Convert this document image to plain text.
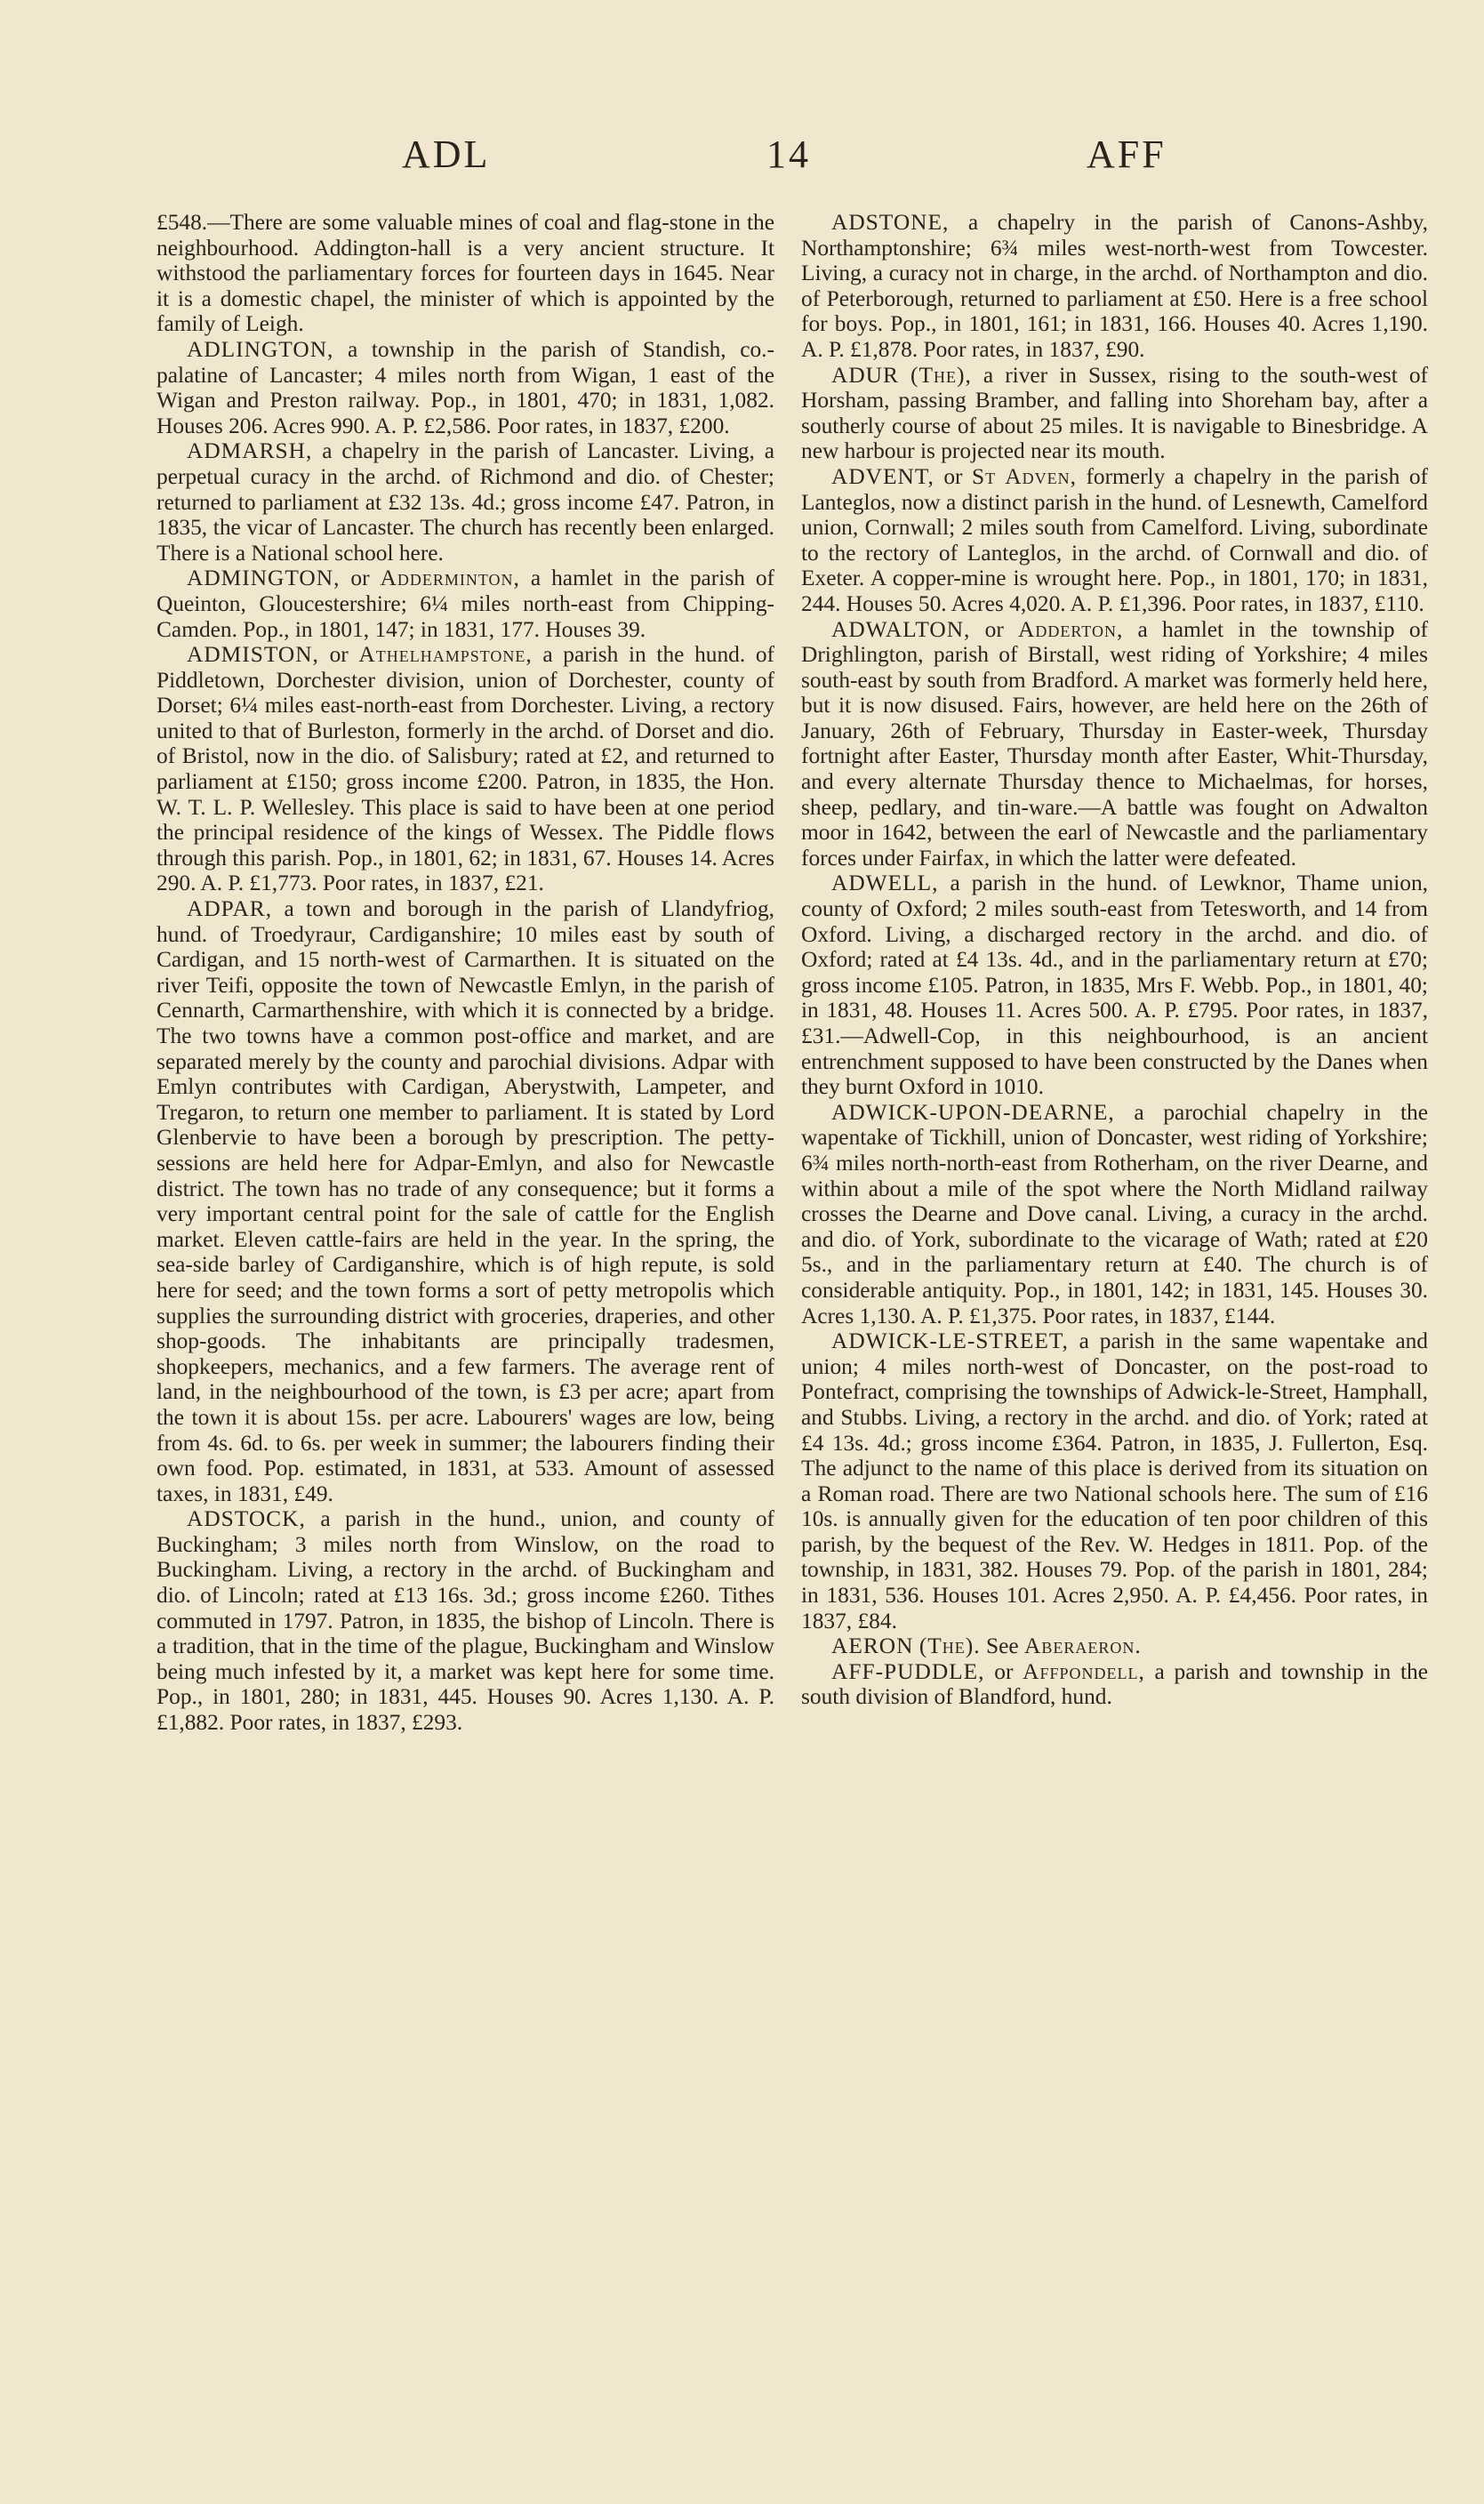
ADL	14	AFF

£548.—There are some valuable mines of coal and flag-stone in the neighbourhood. Addington-hall is a very ancient structure. It withstood the parliamentary forces for fourteen days in 1645. Near it is a domestic chapel, the minister of which is appointed by the family of Leigh.

ADLINGTON, a township in the parish of Standish, co.-palatine of Lancaster; 4 miles north from Wigan, 1 east of the Wigan and Preston railway. Pop., in 1801, 470; in 1831, 1,082. Houses 206. Acres 990. A. P. £2,586. Poor rates, in 1837, £200.

ADMARSH, a chapelry in the parish of Lancaster. Living, a perpetual curacy in the archd. of Richmond and dio. of Chester; returned to parliament at £32 13s. 4d.; gross income £47. Patron, in 1835, the vicar of Lancaster. The church has recently been enlarged. There is a National school here.

ADMINGTON, or Adderminton, a hamlet in the parish of Queinton, Gloucestershire; 6¼ miles north-east from Chipping-Camden. Pop., in 1801, 147; in 1831, 177. Houses 39.

ADMISTON, or Athelhampstone, a parish in the hund. of Piddletown, Dorchester division, union of Dorchester, county of Dorset; 6¼ miles east-north-east from Dorchester. Living, a rectory united to that of Burleston, formerly in the archd. of Dorset and dio. of Bristol, now in the dio. of Salisbury; rated at £2, and returned to parliament at £150; gross income £200. Patron, in 1835, the Hon. W. T. L. P. Wellesley. This place is said to have been at one period the principal residence of the kings of Wessex. The Piddle flows through this parish. Pop., in 1801, 62; in 1831, 67. Houses 14. Acres 290. A. P. £1,773. Poor rates, in 1837, £21.

ADPAR, a town and borough in the parish of Llandyfriog, hund. of Troedyraur, Cardiganshire; 10 miles east by south of Cardigan, and 15 north-west of Carmarthen. It is situated on the river Teifi, opposite the town of Newcastle Emlyn, in the parish of Cennarth, Carmarthenshire, with which it is connected by a bridge. The two towns have a common post-office and market, and are separated merely by the county and parochial divisions. Adpar with Emlyn contributes with Cardigan, Aberystwith, Lampeter, and Tregaron, to return one member to parliament. It is stated by Lord Glenbervie to have been a borough by prescription. The petty-sessions are held here for Adpar-Emlyn, and also for Newcastle district. The town has no trade of any consequence; but it forms a very important central point for the sale of cattle for the English market. Eleven cattle-fairs are held in the year. In the spring, the sea-side barley of Cardiganshire, which is of high repute, is sold here for seed; and the town forms a sort of petty metropolis which supplies the surrounding district with groceries, draperies, and other shop-goods. The inhabitants are principally tradesmen, shopkeepers, mechanics, and a few farmers. The average rent of land, in the neighbourhood of the town, is £3 per acre; apart from the town it is about 15s. per acre. Labourers' wages are low, being from 4s. 6d. to 6s. per week in summer; the labourers finding their own food. Pop. estimated, in 1831, at 533. Amount of assessed taxes, in 1831, £49.

ADSTOCK, a parish in the hund., union, and county of Buckingham; 3 miles north from Winslow, on the road to Buckingham. Living, a rectory in the archd. of Buckingham and dio. of Lincoln; rated at £13 16s. 3d.; gross income £260. Tithes commuted in 1797. Patron, in 1835, the bishop of Lincoln. There is a tradition, that in the time of the plague, Buckingham and Winslow being much infested by it, a market was kept here for some time. Pop., in 1801, 280; in 1831, 445. Houses 90. Acres 1,130. A. P. £1,882. Poor rates, in 1837, £293.

ADSTONE, a chapelry in the parish of Canons-Ashby, Northamptonshire; 6¾ miles west-north-west from Towcester. Living, a curacy not in charge, in the archd. of Northampton and dio. of Peterborough, returned to parliament at £50. Here is a free school for boys. Pop., in 1801, 161; in 1831, 166. Houses 40. Acres 1,190. A. P. £1,878. Poor rates, in 1837, £90.

ADUR (The), a river in Sussex, rising to the south-west of Horsham, passing Bramber, and falling into Shoreham bay, after a southerly course of about 25 miles. It is navigable to Binesbridge. A new harbour is projected near its mouth.

ADVENT, or St Adven, formerly a chapelry in the parish of Lanteglos, now a distinct parish in the hund. of Lesnewth, Camelford union, Cornwall; 2 miles south from Camelford. Living, subordinate to the rectory of Lanteglos, in the archd. of Cornwall and dio. of Exeter. A copper-mine is wrought here. Pop., in 1801, 170; in 1831, 244. Houses 50. Acres 4,020. A. P. £1,396. Poor rates, in 1837, £110.

ADWALTON, or Adderton, a hamlet in the township of Drighlington, parish of Birstall, west riding of Yorkshire; 4 miles south-east by south from Bradford. A market was formerly held here, but it is now disused. Fairs, however, are held here on the 26th of January, 26th of February, Thursday in Easter-week, Thursday fortnight after Easter, Thursday month after Easter, Whit-Thursday, and every alternate Thursday thence to Michaelmas, for horses, sheep, pedlary, and tin-ware.—A battle was fought on Adwalton moor in 1642, between the earl of Newcastle and the parliamentary forces under Fairfax, in which the latter were defeated.

ADWELL, a parish in the hund. of Lewknor, Thame union, county of Oxford; 2 miles south-east from Tetesworth, and 14 from Oxford. Living, a discharged rectory in the archd. and dio. of Oxford; rated at £4 13s. 4d., and in the parliamentary return at £70; gross income £105. Patron, in 1835, Mrs F. Webb. Pop., in 1801, 40; in 1831, 48. Houses 11. Acres 500. A. P. £795. Poor rates, in 1837, £31.—Adwell-Cop, in this neighbourhood, is an ancient entrenchment supposed to have been constructed by the Danes when they burnt Oxford in 1010.

ADWICK-UPON-DEARNE, a parochial chapelry in the wapentake of Tickhill, union of Doncaster, west riding of Yorkshire; 6¾ miles north-north-east from Rotherham, on the river Dearne, and within about a mile of the spot where the North Midland railway crosses the Dearne and Dove canal. Living, a curacy in the archd. and dio. of York, subordinate to the vicarage of Wath; rated at £20 5s., and in the parliamentary return at £40. The church is of considerable antiquity. Pop., in 1801, 142; in 1831, 145. Houses 30. Acres 1,130. A. P. £1,375. Poor rates, in 1837, £144.

ADWICK-LE-STREET, a parish in the same wapentake and union; 4 miles north-west of Doncaster, on the post-road to Pontefract, comprising the townships of Adwick-le-Street, Hamphall, and Stubbs. Living, a rectory in the archd. and dio. of York; rated at £4 13s. 4d.; gross income £364. Patron, in 1835, J. Fullerton, Esq. The adjunct to the name of this place is derived from its situation on a Roman road. There are two National schools here. The sum of £16 10s. is annually given for the education of ten poor children of this parish, by the bequest of the Rev. W. Hedges in 1811. Pop. of the township, in 1831, 382. Houses 79. Pop. of the parish in 1801, 284; in 1831, 536. Houses 101. Acres 2,950. A. P. £4,456. Poor rates, in 1837, £84.

AERON (The). See Aberaeron.

AFF-PUDDLE, or Affpondell, a parish and township in the south division of Blandford, hund.
